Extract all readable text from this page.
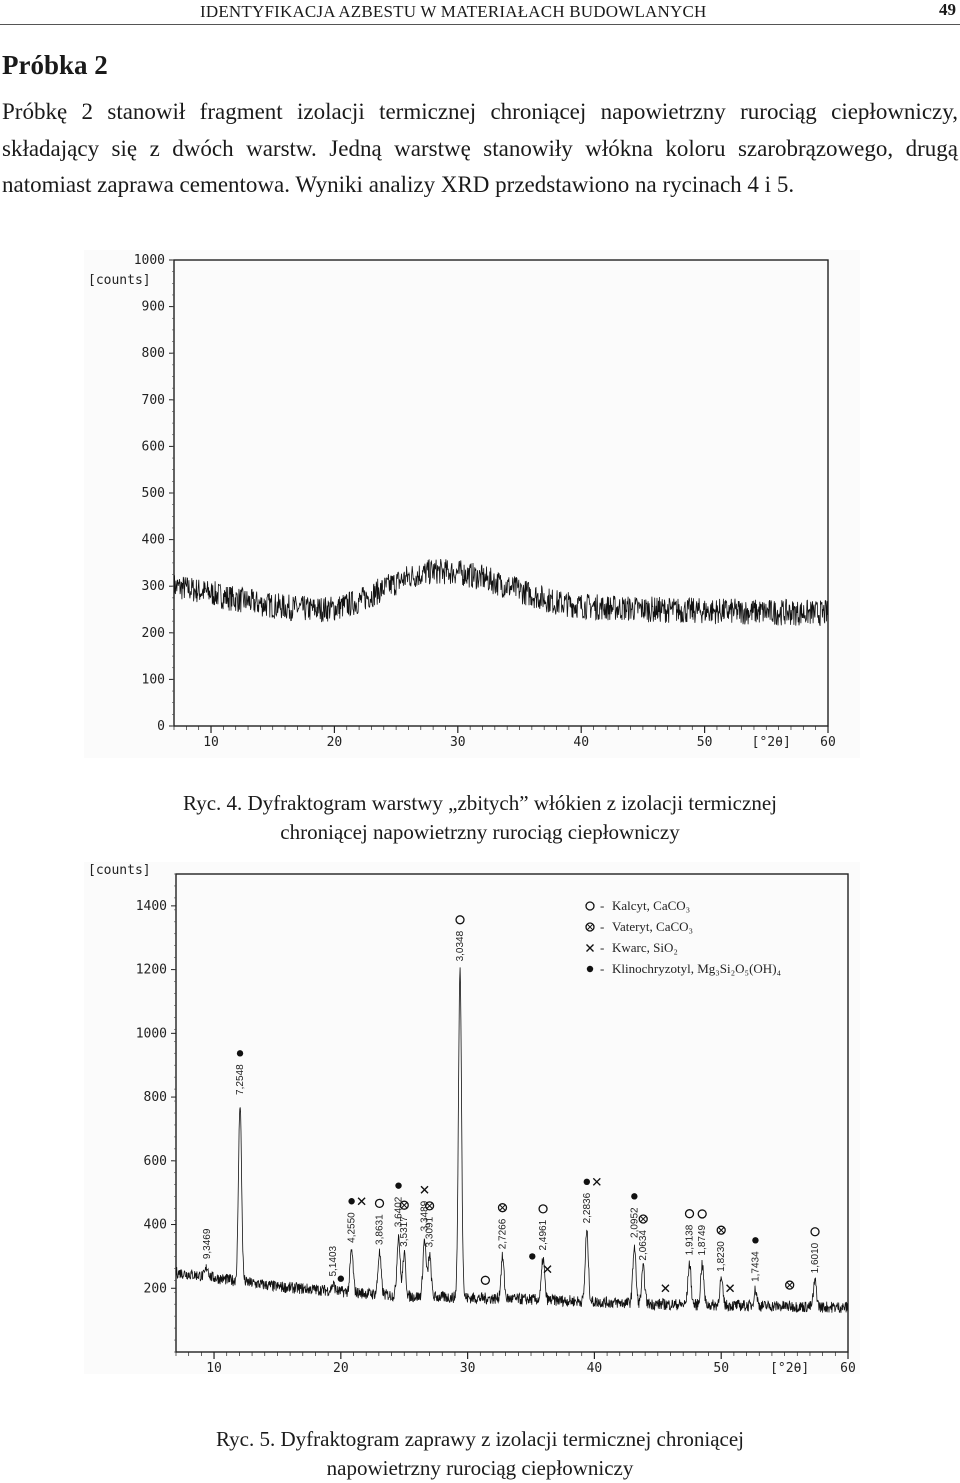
IDENTYFIKACJA AZBESTU W MATERIAŁACH BUDOWLANYCH	49
Próbka 2

Próbkę 2 stanowił fragment izolacji termicznej chroniącej napowietrzny rurociąg ciepłowniczy, składający się z dwóch warstw. Jedną warstwę stanowiły włókna koloru szarobrązowego, drugą natomiast zaprawa cementowa. Wyniki analizy XRD przedstawiono na rycinach 4 i 5.

0
100
200
300
400
500
600
700
800
900
1000
10	20	30	40	50	60
[°2θ]
[counts]

Ryc. 4. Dyfraktogram warstwy „zbitych” włókien z izolacji termicznej

chroniącej napowietrzny rurociąg ciepłowniczy

200
400
600
800
1000
1200
1400
10	20	30	40	50	60
[°2θ]
[counts]
9,3469
7,2548
5,1403
4,2550 3,8631
3,6402
3,5317
3,3489
3,3091
3,0348
2,7266	2,4961
2,2836	2,0952
2,0634	1,9138 1,8749
1,8230 1,7434	1,6010
- Kalcyt, CaCO₃
- Vateryt, CaCO₃
- Kwarc, SiO₂
- Klinochryzotyl, Mg₃Si₂O₅(OH)₄

Ryc. 5. Dyfraktogram zaprawy z izolacji termicznej chroniącej

napowietrzny rurociąg ciepłowniczy
